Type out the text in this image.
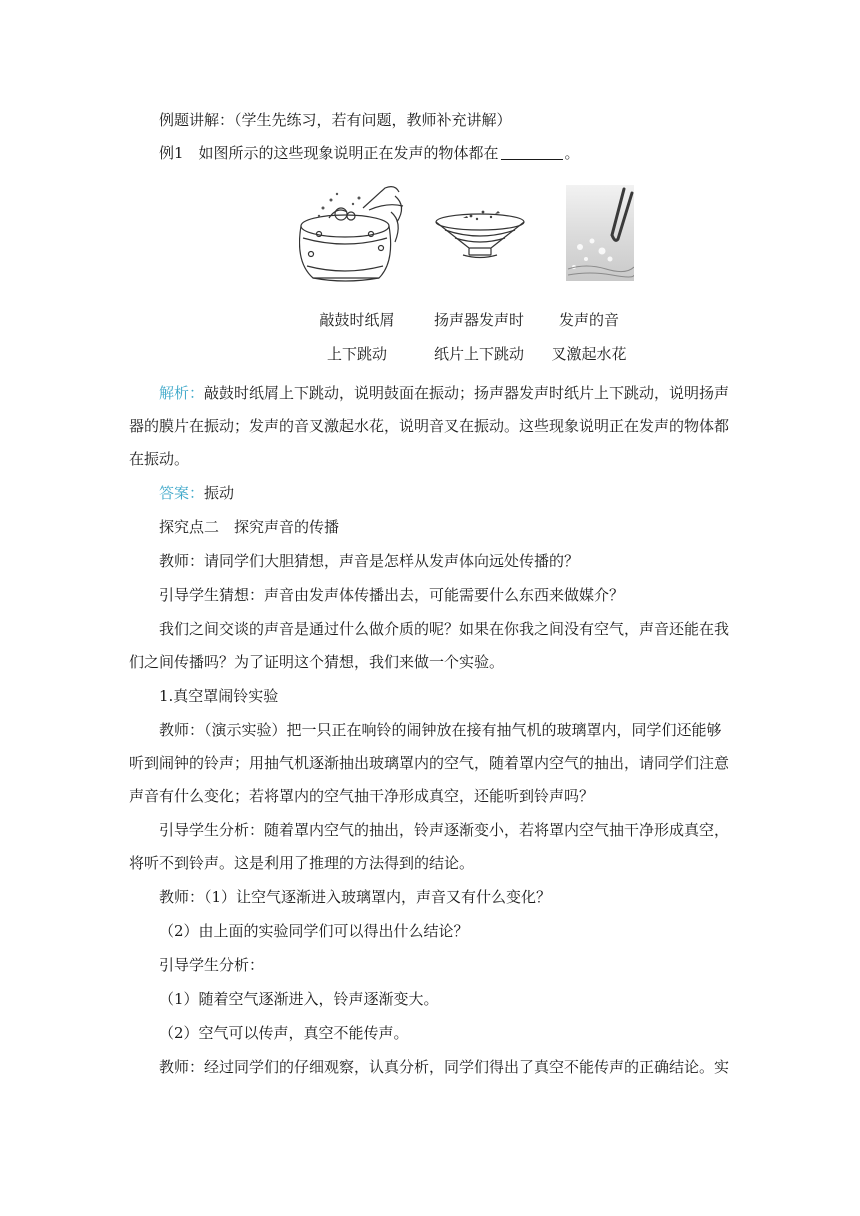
例题讲解：（学生先练习，若有问题，教师补充讲解）
例1　如图所示的这些现象说明正在发声的物体都在	。
敲鼓时纸屑
上下跳动
扬声器发声时
纸片上下跳动
发声的音
叉激起水花
解析：敲鼓时纸屑上下跳动，说明鼓面在振动；扬声器发声时纸片上下跳动，说明扬声
器的膜片在振动；发声的音叉激起水花，说明音叉在振动。这些现象说明正在发声的物体都
在振动。
答案：振动
探究点二　探究声音的传播
教师：请同学们大胆猜想，声音是怎样从发声体向远处传播的？
引导学生猜想：声音由发声体传播出去，可能需要什么东西来做媒介？
我们之间交谈的声音是通过什么做介质的呢？如果在你我之间没有空气，声音还能在我
们之间传播吗？为了证明这个猜想，我们来做一个实验。
1.真空罩闹铃实验
教师：（演示实验）把一只正在响铃的闹钟放在接有抽气机的玻璃罩内，同学们还能够
听到闹钟的铃声；用抽气机逐渐抽出玻璃罩内的空气，随着罩内空气的抽出，请同学们注意
声音有什么变化；若将罩内的空气抽干净形成真空，还能听到铃声吗？
引导学生分析：随着罩内空气的抽出，铃声逐渐变小，若将罩内空气抽干净形成真空，
将听不到铃声。这是利用了推理的方法得到的结论。
教师：（1）让空气逐渐进入玻璃罩内，声音又有什么变化？
（2）由上面的实验同学们可以得出什么结论？
引导学生分析：
（1）随着空气逐渐进入，铃声逐渐变大。
（2）空气可以传声，真空不能传声。
教师：经过同学们的仔细观察，认真分析，同学们得出了真空不能传声的正确结论。实
